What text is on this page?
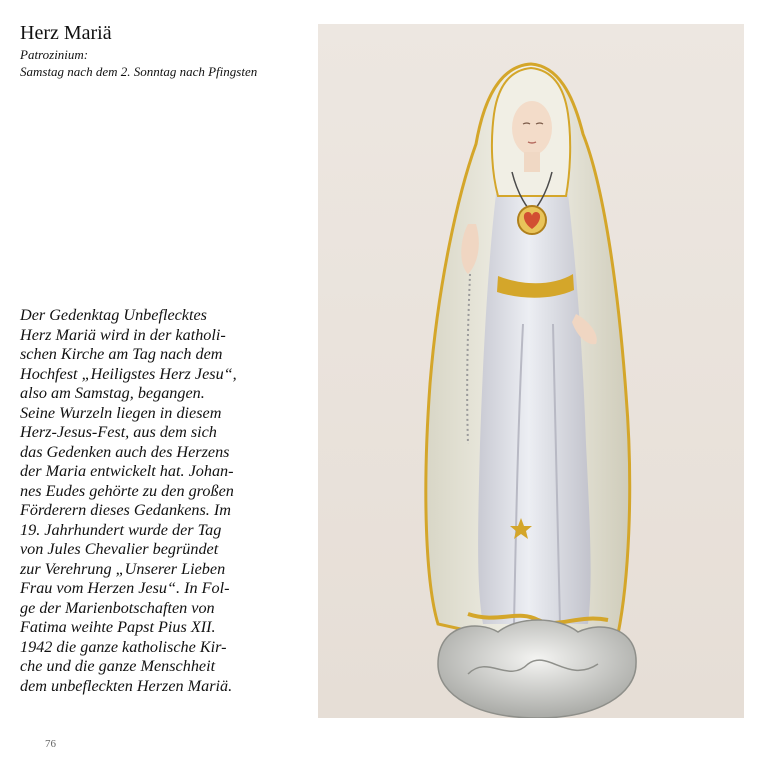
Herz Mariä
Patrozinium:
Samstag nach dem 2. Sonntag nach Pfingsten
Der Gedenktag Unbeflecktes
Herz Mariä wird in der katholi-
schen Kirche am Tag nach dem
Hochfest „Heiligstes Herz Jesu“,
also am Samstag, begangen.
Seine Wurzeln liegen in diesem
Herz-Jesus-Fest, aus dem sich
das Gedenken auch des Herzens
der Maria entwickelt hat. Johan-
nes Eudes gehörte zu den großen
Förderern dieses Gedankens. Im
19. Jahrhundert wurde der Tag
von Jules Chevalier begründet
zur Verehrung „Unserer Lieben
Frau vom Herzen Jesu“. In Fol-
ge der Marienbotschaften von
Fatima weihte Papst Pius XII.
1942 die ganze katholische Kir-
che und die ganze Menschheit
dem unbefleckten Herzen Mariä.
76
